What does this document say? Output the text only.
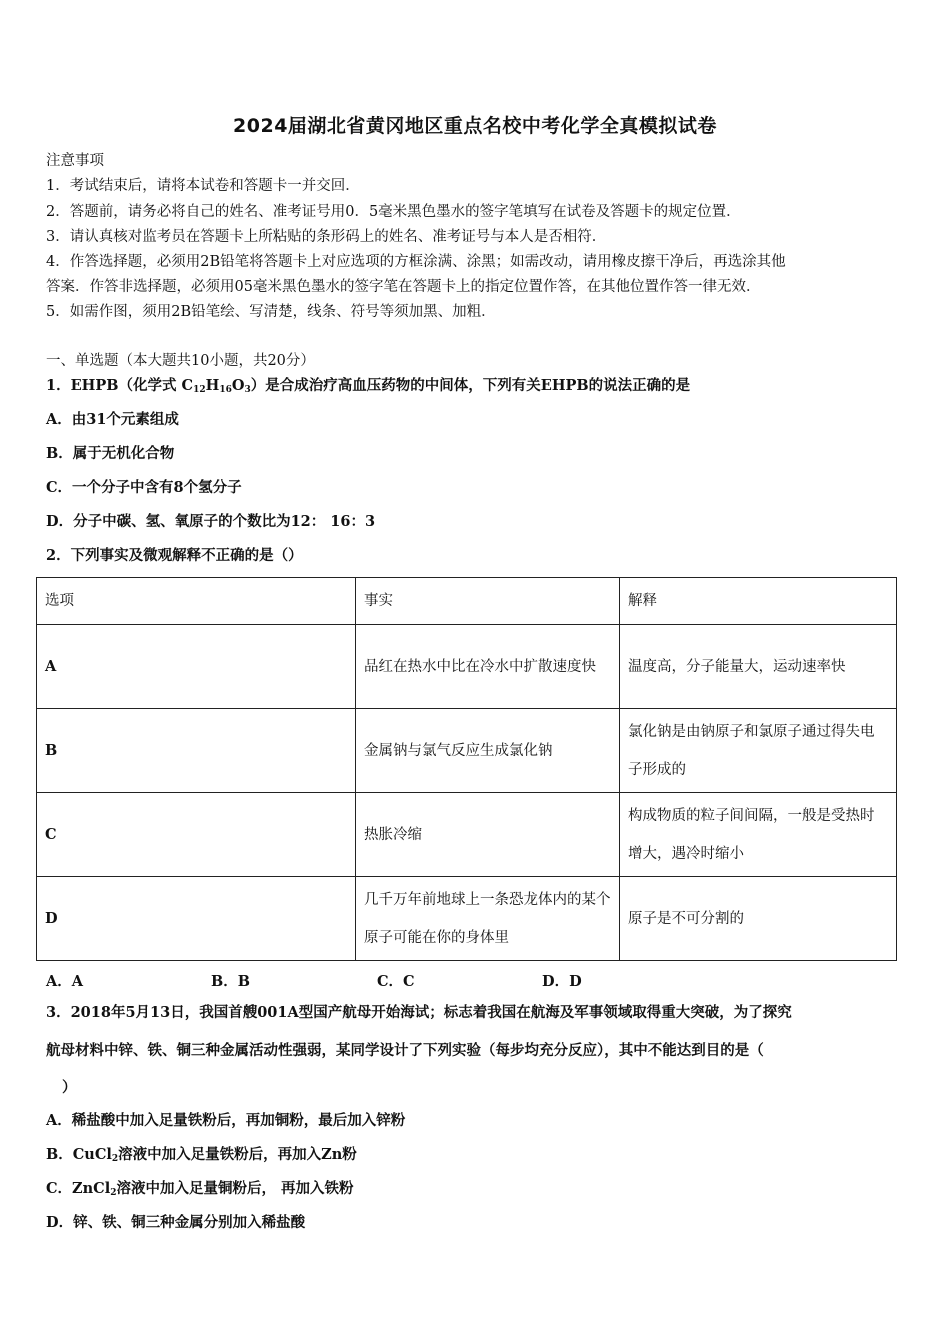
2024届湖北省黄冈地区重点名校中考化学全真模拟试卷
注意事项
1．考试结束后，请将本试卷和答题卡一并交回．
2．答题前，请务必将自己的姓名、准考证号用0．5毫米黑色墨水的签字笔填写在试卷及答题卡的规定位置．
3．请认真核对监考员在答题卡上所粘贴的条形码上的姓名、准考证号与本人是否相符．
4．作答选择题，必须用2B铅笔将答题卡上对应选项的方框涂满、涂黑；如需改动，请用橡皮擦干净后，再选涂其他
答案．作答非选择题，必须用05毫米黑色墨水的签字笔在答题卡上的指定位置作答，在其他位置作答一律无效．
5．如需作图，须用2B铅笔绘、写清楚，线条、符号等须加黑、加粗．
一、单选题（本大题共10小题，共20分）
1．EHPB（化学式 $C_{12}H_{16}O_3$）是合成治疗高血压药物的中间体，下列有关EHPB的说法正确的是
A．由31个元素组成
B．属于无机化合物
C．一个分子中含有8个氢分子
D．分子中碳、氢、氧原子的个数比为12： 16：3
2．下列事实及微观解释不正确的是（）
选项	事实	解释
A	品红在热水中比在冷水中扩散速度快	温度高，分子能量大，运动速率快
B	金属钠与氯气反应生成氯化钠	氯化钠是由钠原子和氯原子通过得失电子形成的
C	热胀冷缩	构成物质的粒子间间隔，一般是受热时增大，遇冷时缩小
D	几千万年前地球上一条恐龙体内的某个原子可能在你的身体里	原子是不可分割的
A．A	B．B	C．C	D．D
3．2018年5月13日，我国首艘001A型国产航母开始海试；标志着我国在航海及军事领域取得重大突破，为了探究
航母材料中锌、铁、铜三种金属活动性强弱，某同学设计了下列实验（每步均充分反应），其中不能达到目的是（
）
A．稀盐酸中加入足量铁粉后，再加铜粉，最后加入锌粉
B．CuCl$_2$溶液中加入足量铁粉后，再加入Zn粉
C．ZnCl$_2$溶液中加入足量铜粉后， 再加入铁粉
D．锌、铁、铜三种金属分别加入稀盐酸
